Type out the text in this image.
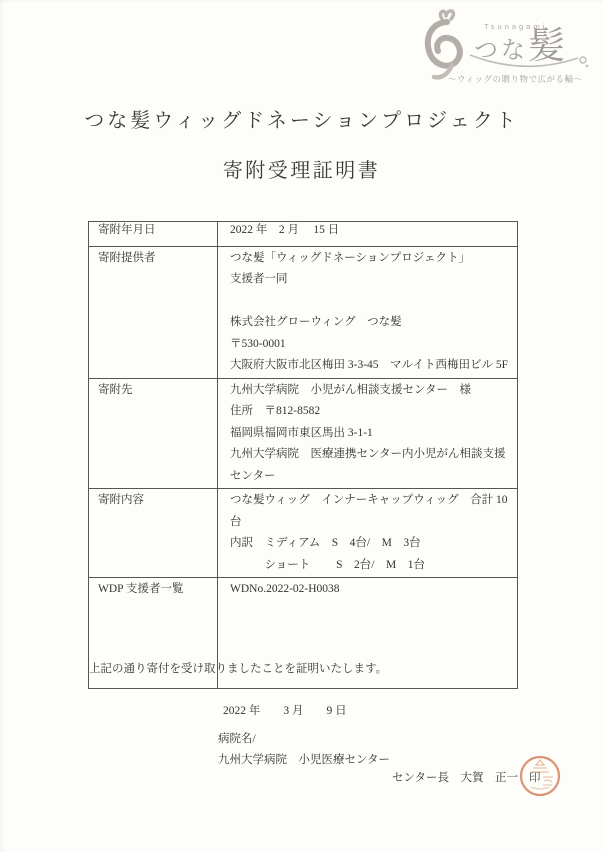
Tsunagami
つな 髪
〜ウィッグの贈り物で広がる輪〜
つな髪ウィッグドネーションプロジェクト
寄附受理証明書
寄附年月日	2022 年　2 月　 15 日

寄附提供者	つな髪「ウィッグドネーションプロジェクト」
支援者一同
株式会社グローウィング　つな髪
〒530-0001
大阪府大阪市北区梅田 3-3-45　マルイト西梅田ビル 5F

寄附先	九州大学病院　小児がん相談支援センター　様
住所　〒812-8582
福岡県福岡市東区馬出 3-1-1
九州大学病院　医療連携センター内小児がん相談支援センター

寄附内容	つな髪ウィッグ　インナーキャップウィッグ　合計 10 台
内訳　ミディアム　S　4台/　M　3台
　　　ショート　　 S　2台/　M　1台

WDP 支援者一覧	WDNo.2022-02-H0038
上記の通り寄付を受け取りましたことを証明いたします。
2022 年　　3 月　　9 日
病院名/
九州大学病院　小児医療センター
センター長　大賀　正一 印
